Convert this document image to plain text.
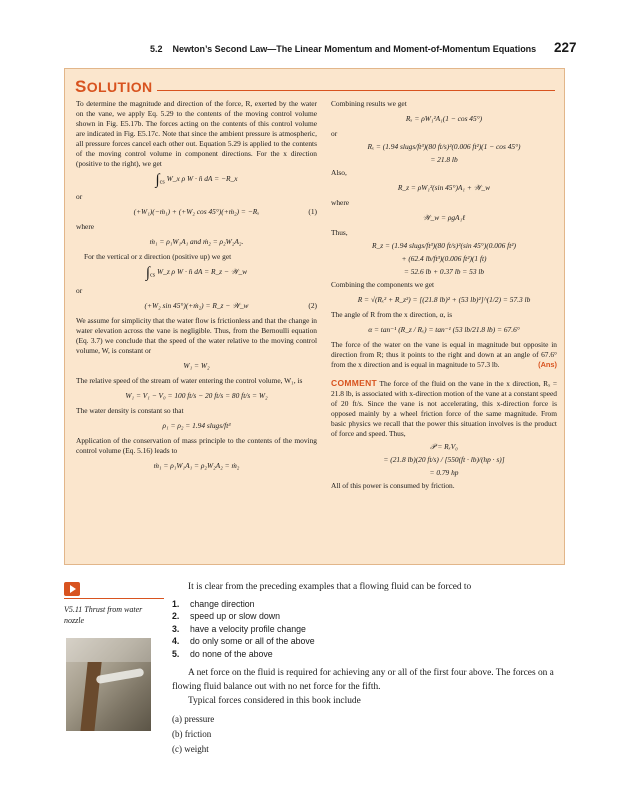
5.2 Newton’s Second Law—The Linear Momentum and Moment-of-Momentum Equations 227
SOLUTION

To determine the magnitude and direction of the force, R, exerted by the water on the vane, we apply Eq. 5.29 to the contents of the moving control volume shown in Fig. E5.17b. The forces acting on the contents of this control volume are indicated in Fig. E5.17c. Note that since the ambient pressure is atmospheric, all pressure forces cancel each other out. Equation 5.29 is applied to the contents of the moving control volume in component directions. For the x direction (positive to the right), we get

$\int_{cs}$ W_x ρ W · n̂ dA = −R_x

or

(+W₁)(−ṁ₁) + (+W₂ cos 45°)(+ṁ₂) = −Rₓ	(1)

where

ṁ₁ = ρ₁W₁A₁ and ṁ₂ = ρ₂W₂A₂.

For the vertical or z direction (positive up) we get

$\int_{cs}$ W_z ρ W · n̂ dA = R_z − 𝒲_w

or

(+W₂ sin 45°)(+ṁ₂) = R_z − 𝒲_w	(2)

We assume for simplicity that the water flow is frictionless and that the change in water elevation across the vane is negligible. Thus, from the Bernoulli equation (Eq. 3.7) we conclude that the speed of the water relative to the moving control volume, W, is constant or

W₁ = W₂

The relative speed of the stream of water entering the control volume, W₁, is

W₁ = V₁ − V₀ = 100 ft/s − 20 ft/s = 80 ft/s = W₂

The water density is constant so that

ρ₁ = ρ₂ = 1.94 slugs/ft³

Application of the conservation of mass principle to the contents of the moving control volume (Eq. 5.16) leads to

ṁ₁ = ρ₁W₁A₁ = ρ₂W₂A₂ = ṁ₂

Combining results we get

Rₓ = ρW₁²A₁(1 − cos 45°)

or

Rₓ = (1.94 slugs/ft³)(80 ft/s)²(0.006 ft²)(1 − cos 45°)
= 21.8 lb

Also,

R_z = ρW₁²(sin 45°)A₁ + 𝒲_w

where

𝒲_w = ρgA₁ℓ

Thus,

R_z = (1.94 slugs/ft³)(80 ft/s)²(sin 45°)(0.006 ft²)
+ (62.4 lb/ft³)(0.006 ft²)(1 ft)
= 52.6 lb + 0.37 lb = 53 lb

Combining the components we get

R = √(Rₓ² + R_z²) = [(21.8 lb)² + (53 lb)²]^(1/2) = 57.3 lb

The angle of R from the x direction, α, is

α = tan⁻¹ (R_z / Rₓ) = tan⁻¹ (53 lb/21.8 lb) = 67.6°

The force of the water on the vane is equal in magnitude but opposite in direction from R; thus it points to the right and down at an angle of 67.6° from the x direction and is equal in magnitude to 57.3 lb.	(Ans)

COMMENT The force of the fluid on the vane in the x direction, Rₓ = 21.8 lb, is associated with x-direction motion of the vane at a constant speed of 20 ft/s. Since the vane is not accelerating, this x-direction force is opposed mainly by a wheel friction force of the same magnitude. From basic physics we recall that the power this situation involves is the product of force and speed. Thus,

𝒫 = RₓV₀
= (21.8 lb)(20 ft/s) / [550(ft · lb)/(hp · s)]
= 0.79 hp

All of this power is consumed by friction.

V5.11 Thrust from water nozzle

It is clear from the preceding examples that a flowing fluid can be forced to

1.	change direction
2.	speed up or slow down
3.	have a velocity profile change
4.	do only some or all of the above
5.	do none of the above

A net force on the fluid is required for achieving any or all of the first four above. The forces on a flowing fluid balance out with no net force for the fifth.

Typical forces considered in this book include

(a) pressure
(b) friction
(c) weight
